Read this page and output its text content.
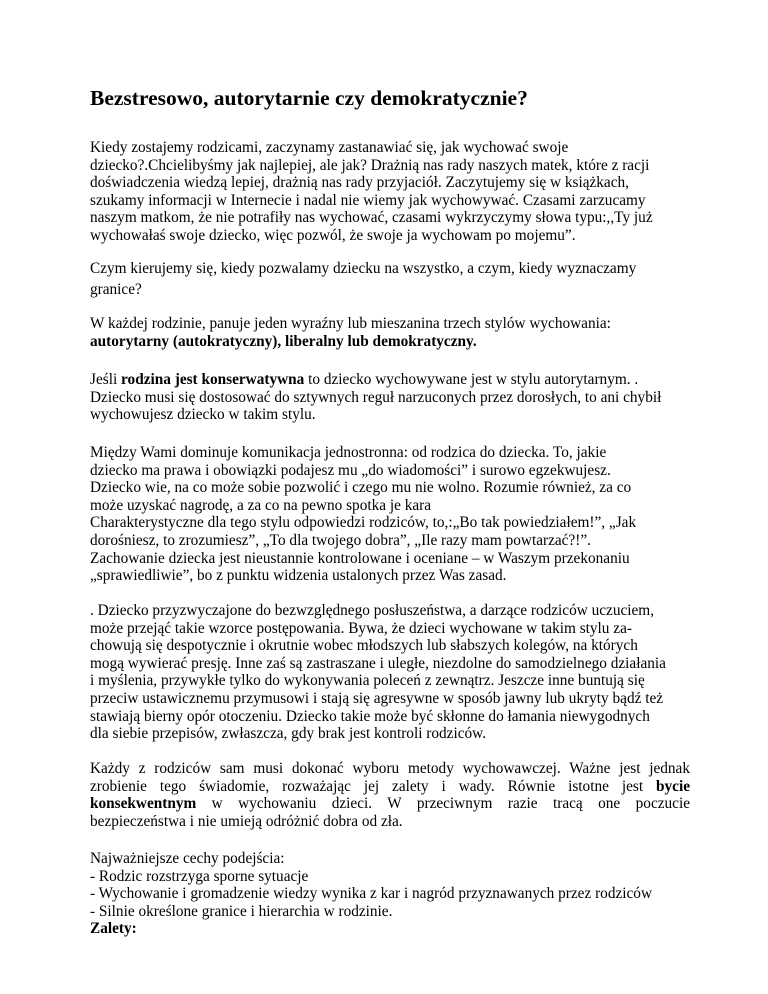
Bezstresowo, autorytarnie czy demokratycznie?

Kiedy zostajemy rodzicami, zaczynamy zastanawiać się, jak wychować swoje
dziecko?.Chcielibyśmy jak najlepiej, ale jak? Drażnią nas rady naszych matek, które z racji
doświadczenia wiedzą lepiej, drażnią nas rady przyjaciół. Zaczytujemy się w książkach,
szukamy informacji w Internecie i nadal nie wiemy jak wychowywać. Czasami zarzucamy
naszym matkom, że nie potrafiły nas wychować, czasami wykrzyczymy słowa typu:,,Ty już
wychowałaś swoje dziecko, więc pozwól, że swoje ja wychowam po mojemu”.

Czym kierujemy się, kiedy pozwalamy dziecku na wszystko, a czym, kiedy wyznaczamy
granice?

W każdej rodzinie, panuje jeden wyraźny lub mieszanina trzech stylów wychowania:
autorytarny (autokratyczny), liberalny lub demokratyczny.

Jeśli rodzina jest konserwatywna to dziecko wychowywane jest w stylu autorytarnym. .
Dziecko musi się dostosować do sztywnych reguł narzuconych przez dorosłych, to ani chybił
wychowujesz dziecko w takim stylu.

Między Wami dominuje komunikacja jednostronna: od rodzica do dziecka. To, jakie
dziecko ma prawa i obowiązki podajesz mu „do wiadomości” i surowo egzekwujesz.
Dziecko wie, na co może sobie pozwolić i czego mu nie wolno. Rozumie również, za co
może uzyskać nagrodę, a za co na pewno spotka je kara
Charakterystyczne dla tego stylu odpowiedzi rodziców, to,:„Bo tak powiedziałem!”, „Jak
dorośniesz, to zrozumiesz”, „To dla twojego dobra”, „Ile razy mam powtarzać?!”.
Zachowanie dziecka jest nieustannie kontrolowane i oceniane – w Waszym przekonaniu
„sprawiedliwie”, bo z punktu widzenia ustalonych przez Was zasad.

. Dziecko przyzwyczajone do bezwzględnego posłuszeństwa, a darzące rodziców uczuciem,
może przejąć takie wzorce postępowania. Bywa, że dzieci wychowane w takim stylu za-
chowują się despotycznie i okrutnie wobec młodszych lub słabszych kolegów, na których
mogą wywierać presję. Inne zaś są zastraszane i uległe, niezdolne do samodzielnego działania
i myślenia, przywykłe tylko do wykonywania poleceń z zewnątrz. Jeszcze inne buntują się
przeciw ustawicznemu przymusowi i stają się agresywne w sposób jawny lub ukryty bądź też
stawiają bierny opór otoczeniu. Dziecko takie może być skłonne do łamania niewygodnych
dla siebie przepisów, zwłaszcza, gdy brak jest kontroli rodziców.

Każdy z rodziców sam musi dokonać wyboru metody wychowawczej. Ważne jest jednak
zrobienie tego świadomie, rozważając jej zalety i wady. Równie istotne jest bycie
konsekwentnym w wychowaniu dzieci. W przeciwnym razie tracą one poczucie
bezpieczeństwa i nie umieją odróżnić dobra od zła.

Najważniejsze cechy podejścia:
- Rodzic rozstrzyga sporne sytuacje
- Wychowanie i gromadzenie wiedzy wynika z kar i nagród przyznawanych przez rodziców
- Silnie określone granice i hierarchia w rodzinie.

Zalety:
